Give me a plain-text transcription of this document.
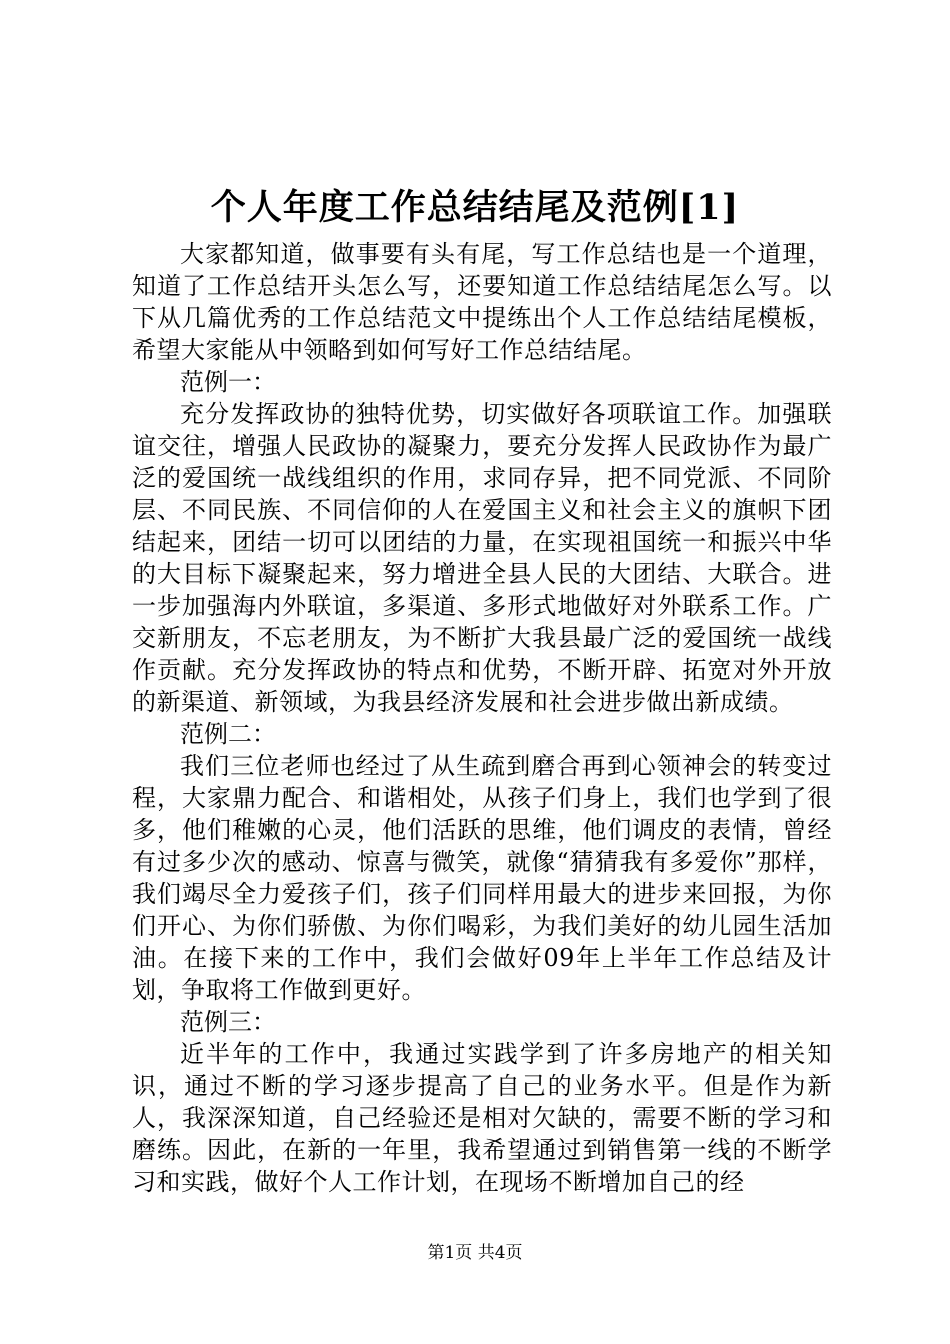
个人年度工作总结结尾及范例[1]

大家都知道，做事要有头有尾，写工作总结也是一个道理，知道了工作总结开头怎么写，还要知道工作总结结尾怎么写。以下从几篇优秀的工作总结范文中提练出个人工作总结结尾模板，希望大家能从中领略到如何写好工作总结结尾。

范例一：

充分发挥政协的独特优势，切实做好各项联谊工作。加强联谊交往，增强人民政协的凝聚力，要充分发挥人民政协作为最广泛的爱国统一战线组织的作用，求同存异，把不同党派、不同阶层、不同民族、不同信仰的人在爱国主义和社会主义的旗帜下团结起来，团结一切可以团结的力量，在实现祖国统一和振兴中华的大目标下凝聚起来，努力增进全县人民的大团结、大联合。进一步加强海内外联谊，多渠道、多形式地做好对外联系工作。广交新朋友，不忘老朋友，为不断扩大我县最广泛的爱国统一战线作贡献。充分发挥政协的特点和优势，不断开辟、拓宽对外开放的新渠道、新领域，为我县经济发展和社会进步做出新成绩。

范例二：

我们三位老师也经过了从生疏到磨合再到心领神会的转变过程，大家鼎力配合、和谐相处，从孩子们身上，我们也学到了很多，他们稚嫩的心灵，他们活跃的思维，他们调皮的表情，曾经有过多少次的感动、惊喜与微笑，就像“猜猜我有多爱你”那样，我们竭尽全力爱孩子们，孩子们同样用最大的进步来回报，为你们开心、为你们骄傲、为你们喝彩，为我们美好的幼儿园生活加油。在接下来的工作中，我们会做好09年上半年工作总结及计划，争取将工作做到更好。

范例三：

近半年的工作中，我通过实践学到了许多房地产的相关知识，通过不断的学习逐步提高了自己的业务水平。但是作为新人，我深深知道，自己经验还是相对欠缺的，需要不断的学习和磨练。因此，在新的一年里，我希望通过到销售第一线的不断学习和实践，做好个人工作计划，在现场不断增加自己的经

第1页 共4页
